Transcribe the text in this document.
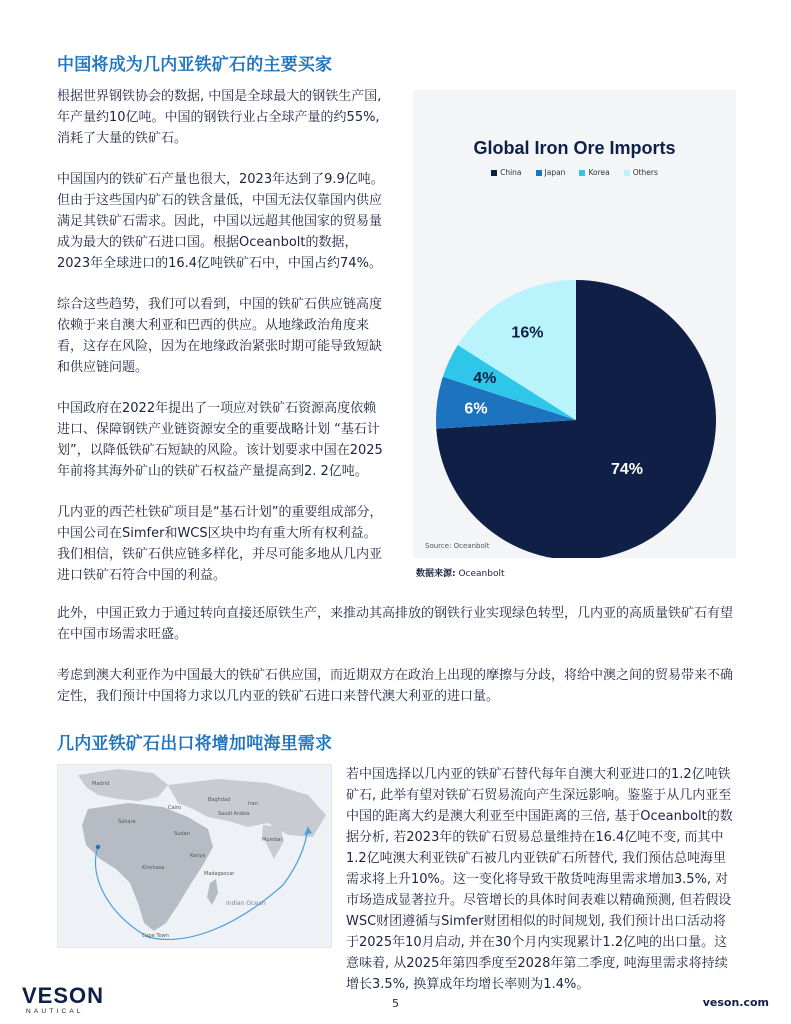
中国将成为几内亚铁矿石的主要买家

根据世界钢铁协会的数据, 中国是全球最大的钢铁生产国, 年产量约10亿吨。中国的钢铁行业占全球产量的约55%, 消耗了大量的铁矿石。

中国国内的铁矿石产量也很大，2023年达到了9.9亿吨。但由于这些国内矿石的铁含量低，中国无法仅靠国内供应满足其铁矿石需求。因此，中国以远超其他国家的贸易量成为最大的铁矿石进口国。根据Oceanbolt的数据，2023年全球进口的16.4亿吨铁矿石中，中国占约74%。

综合这些趋势，我们可以看到，中国的铁矿石供应链高度依赖于来自澳大利亚和巴西的供应。从地缘政治角度来看，这存在风险，因为在地缘政治紧张时期可能导致短缺和供应链问题。

中国政府在2022年提出了一项应对铁矿石资源高度依赖进口、保障钢铁产业链资源安全的重要战略计划 “基石计划”，以降低铁矿石短缺的风险。该计划要求中国在2025年前将其海外矿山的铁矿石权益产量提高到2. 2亿吨。

几内亚的西芒杜铁矿项目是“基石计划”的重要组成部分，中国公司在Simfer和WCS区块中均有重大所有权利益。我们相信，铁矿石供应链多样化，并尽可能多地从几内亚进口铁矿石符合中国的利益。

Global Iron Ore Imports
China	Japan	Korea	Others
74%
6%
4%
16%
Source: Oceanbolt
数据来源: Oceanbolt

此外，中国正致力于通过转向直接还原铁生产，来推动其高排放的钢铁行业实现绿色转型，几内亚的高质量铁矿石有望在中国市场需求旺盛。

考虑到澳大利亚作为中国最大的铁矿石供应国，而近期双方在政治上出现的摩擦与分歧，将给中澳之间的贸易带来不确定性，我们预计中国将力求以几内亚的铁矿石进口来替代澳大利亚的进口量。

几内亚铁矿石出口将增加吨海里需求
Madrid
Cairo
Baghdad
Sudan
Sahara
Kenya
Madagascar
Indian Ocean
Kinshasa
Cape Town
Saudi Arabia
Iran
Mumbai

若中国选择以几内亚的铁矿石替代每年自澳大利亚进口的1.2亿吨铁矿石, 此举有望对铁矿石贸易流向产生深远影响。鉴鉴于从几内亚至中国的距离大约是澳大利亚至中国距离的三倍, 基于Oceanbolt的数据分析, 若2023年的铁矿石贸易总量维持在16.4亿吨不变, 而其中1.2亿吨澳大利亚铁矿石被几内亚铁矿石所替代, 我们预估总吨海里需求将上升10%。这一变化将导致干散货吨海里需求增加3.5%, 对市场造成显著拉升。尽管增长的具体时间表难以精确预测, 但若假设WSC财团遵循与Simfer财团相似的时间规划, 我们预计出口活动将于2025年10月启动, 并在30个月内实现累计1.2亿吨的出口量。这意味着, 从2025年第四季度至2028年第二季度, 吨海里需求将持续增长3.5%, 换算成年均增长率则为1.4%。

VESON
NAUTICAL
5	veson.com
